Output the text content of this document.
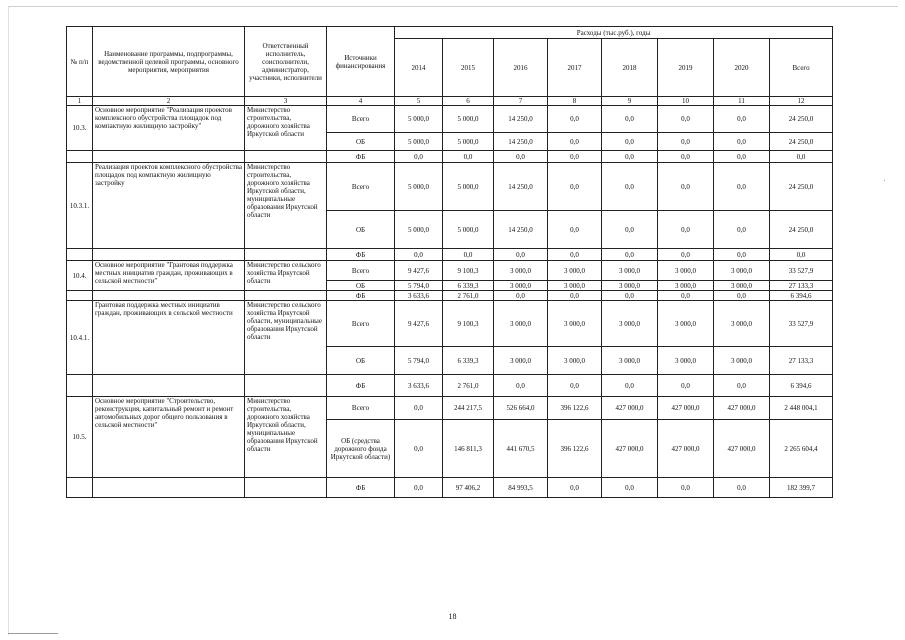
№ п/п	Наименование программы, подпрограммы, ведомственной целевой программы, основного мероприятия, мероприятия	Ответственный исполнитель, соисполнители, администратор, участники, исполнители	Источники финансирования	Расходы (тыс.руб.), годы							
				2014	2015	2016	2017	2018	2019	2020	Всего
1	2	3	4	5	6	7	8	9	10	11	12
10.3.	Основное мероприятие "Реализация проектов комплексного обустройства площадок под компактную жилищную застройку"	Министерство строительства, дорожного хозяйства Иркутской области	Всего	5 000,0	5 000,0	14 250,0	0,0	0,0	0,0	0,0	24 250,0
			ОБ	5 000,0	5 000,0	14 250,0	0,0	0,0	0,0	0,0	24 250,0
			ФБ	0,0	0,0	0,0	0,0	0,0	0,0	0,0	0,0
10.3.1.	Реализация проектов комплексного обустройства площадок под компактную жилищную застройку	Министерство строительства, дорожного хозяйства Иркутской области, муниципальные образования Иркутской области	Всего	5 000,0	5 000,0	14 250,0	0,0	0,0	0,0	0,0	24 250,0
			ОБ	5 000,0	5 000,0	14 250,0	0,0	0,0	0,0	0,0	24 250,0
			ФБ	0,0	0,0	0,0	0,0	0,0	0,0	0,0	0,0
10.4.	Основное мероприятие "Грантовая поддержка местных инициатив граждан, проживающих в сельской местности"	Министерство сельского хозяйства Иркутской области	Всего	9 427,6	9 100,3	3 000,0	3 000,0	3 000,0	3 000,0	3 000,0	33 527,9
			ОБ	5 794,0	6 339,3	3 000,0	3 000,0	3 000,0	3 000,0	3 000,0	27 133,3
			ФБ	3 633,6	2 761,0	0,0	0,0	0,0	0,0	0,0	6 394,6
10.4.1.	Грантовая поддержка местных инициатив граждан, проживающих в сельской местности	Министерство сельского хозяйства Иркутской области, муниципальные образования Иркутской области	Всего	9 427,6	9 100,3	3 000,0	3 000,0	3 000,0	3 000,0	3 000,0	33 527,9
			ОБ	5 794,0	6 339,3	3 000,0	3 000,0	3 000,0	3 000,0	3 000,0	27 133,3
			ФБ	3 633,6	2 761,0	0,0	0,0	0,0	0,0	0,0	6 394,6
10.5.	Основное мероприятие "Строительство, реконструкция, капитальный ремонт и ремонт автомобильных дорог общего пользования в сельской местности"	Министерство строительства, дорожного хозяйства Иркутской области, муниципальные образования Иркутской области	Всего	0,0	244 217,5	526 664,0	396 122,6	427 000,0	427 000,0	427 000,0	2 448 004,1
			ОБ (средства дорожного фонда Иркутской области)	0,0	146 811,3	441 670,5	396 122,6	427 000,0	427 000,0	427 000,0	2 265 604,4
			ФБ	0,0	97 406,2	84 993,5	0,0	0,0	0,0	0,0	182 399,7
18
